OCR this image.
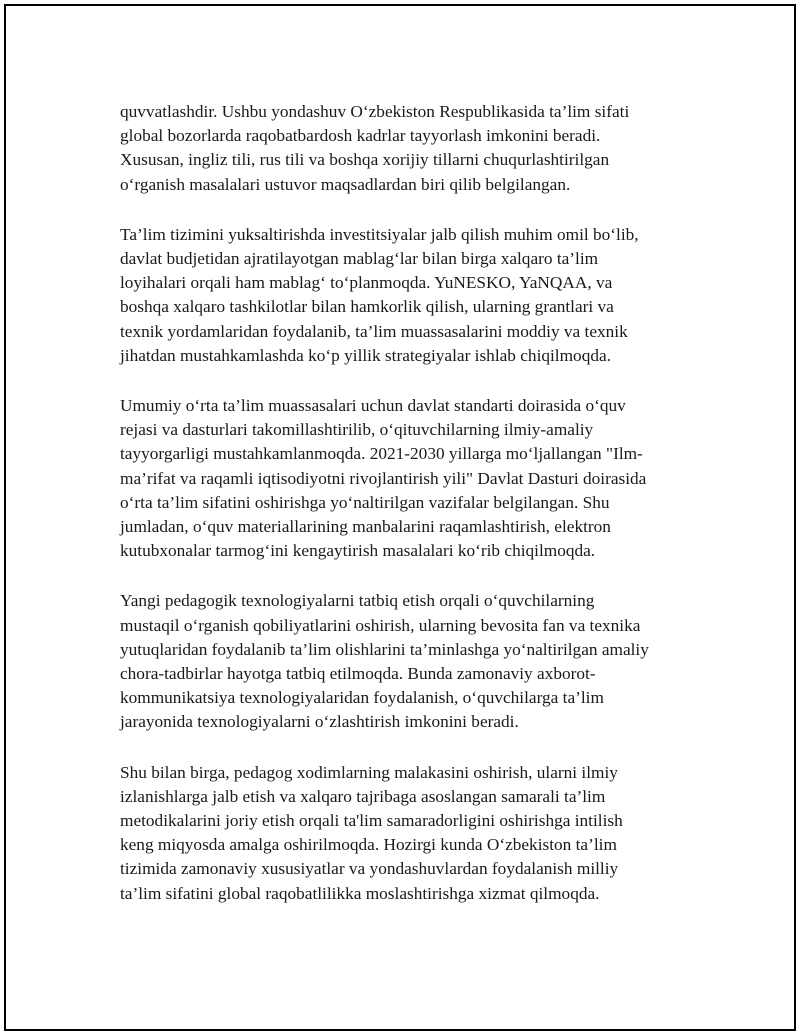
quvvatlashdir. Ushbu yondashuv O‘zbekiston Respublikasida ta’lim sifati
global bozorlarda raqobatbardosh kadrlar tayyorlash imkonini beradi.
Xususan, ingliz tili, rus tili va boshqa xorijiy tillarni chuqurlashtirilgan
o‘rganish masalalari ustuvor maqsadlardan biri qilib belgilangan.

Ta’lim tizimini yuksaltirishda investitsiyalar jalb qilish muhim omil bo‘lib,
davlat budjetidan ajratilayotgan mablag‘lar bilan birga xalqaro ta’lim
loyihalari orqali ham mablag‘ to‘planmoqda. YuNESKO, YaNQAA, va
boshqa xalqaro tashkilotlar bilan hamkorlik qilish, ularning grantlari va
texnik yordamlaridan foydalanib, ta’lim muassasalarini moddiy va texnik
jihatdan mustahkamlashda ko‘p yillik strategiyalar ishlab chiqilmoqda.

Umumiy o‘rta ta’lim muassasalari uchun davlat standarti doirasida o‘quv
rejasi va dasturlari takomillashtirilib, o‘qituvchilarning ilmiy-amaliy
tayyorgarligi mustahkamlanmoqda. 2021-2030 yillarga mo‘ljallangan "Ilm-
ma’rifat va raqamli iqtisodiyotni rivojlantirish yili" Davlat Dasturi doirasida
o‘rta ta’lim sifatini oshirishga yo‘naltirilgan vazifalar belgilangan. Shu
jumladan, o‘quv materiallarining manbalarini raqamlashtirish, elektron
kutubxonalar tarmog‘ini kengaytirish masalalari ko‘rib chiqilmoqda.

Yangi pedagogik texnologiyalarni tatbiq etish orqali o‘quvchilarning
mustaqil o‘rganish qobiliyatlarini oshirish, ularning bevosita fan va texnika
yutuqlaridan foydalanib ta’lim olishlarini ta’minlashga yo‘naltirilgan amaliy
chora-tadbirlar hayotga tatbiq etilmoqda. Bunda zamonaviy axborot-
kommunikatsiya texnologiyalaridan foydalanish, o‘quvchilarga ta’lim
jarayonida texnologiyalarni o‘zlashtirish imkonini beradi.

Shu bilan birga, pedagog xodimlarning malakasini oshirish, ularni ilmiy
izlanishlarga jalb etish va xalqaro tajribaga asoslangan samarali ta’lim
metodikalarini joriy etish orqali ta'lim samaradorligini oshirishga intilish
keng miqyosda amalga oshirilmoqda. Hozirgi kunda O‘zbekiston ta’lim
tizimida zamonaviy xususiyatlar va yondashuvlardan foydalanish milliy
ta’lim sifatini global raqobatlilikka moslashtirishga xizmat qilmoqda.
